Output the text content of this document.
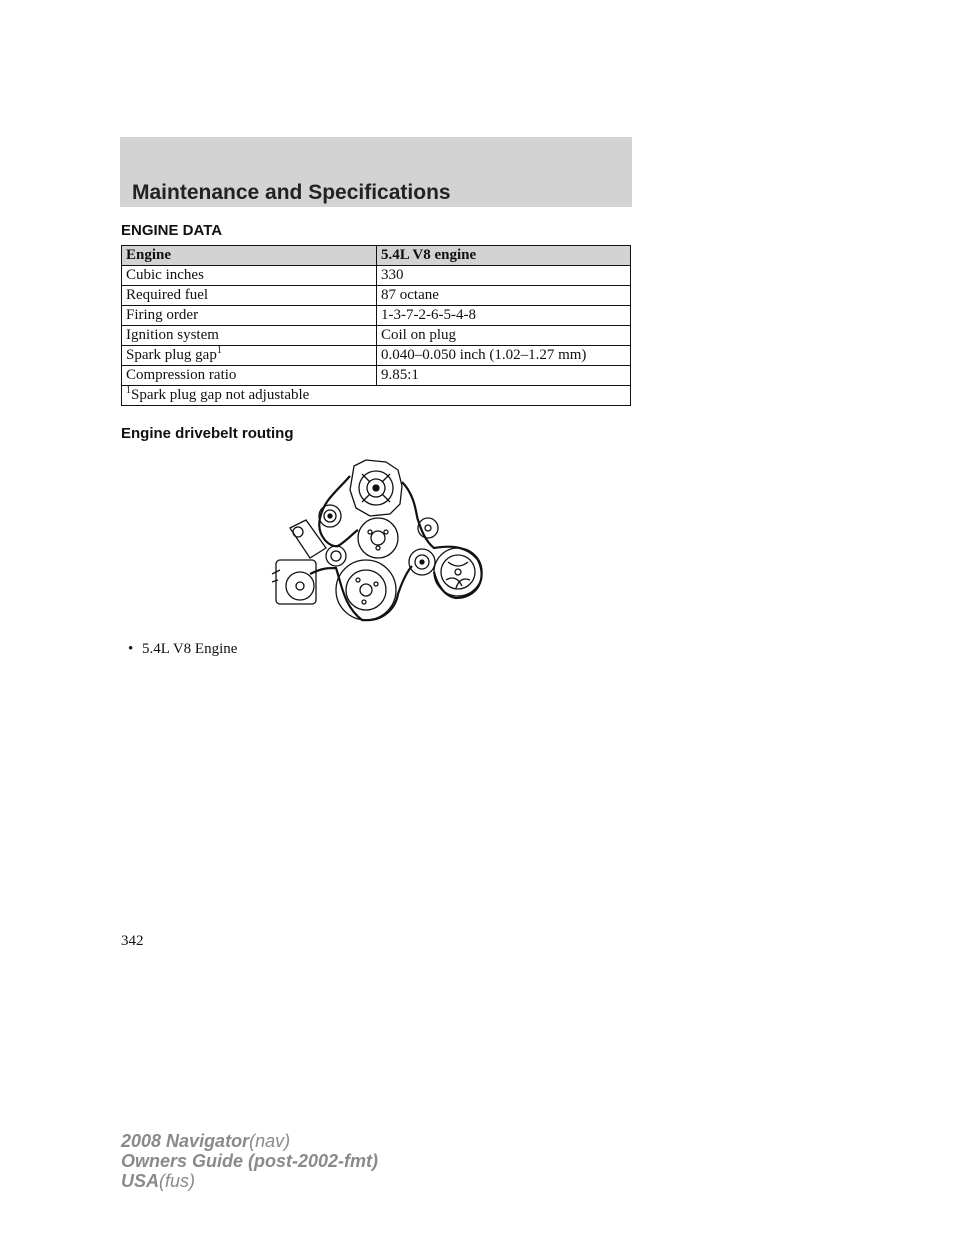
Maintenance and Specifications
ENGINE DATA
Engine	5.4L V8 engine
Cubic inches	330
Required fuel	87 octane
Firing order	1-3-7-2-6-5-4-8
Ignition system	Coil on plug
Spark plug gap$^1$	0.040–0.050 inch (1.02–1.27 mm)
Compression ratio	9.85:1
$^1$Spark plug gap not adjustable	
Engine drivebelt routing
• 5.4L V8 Engine
342
2008 Navigator(nav)
Owners Guide (post-2002-fmt)
USA(fus)
